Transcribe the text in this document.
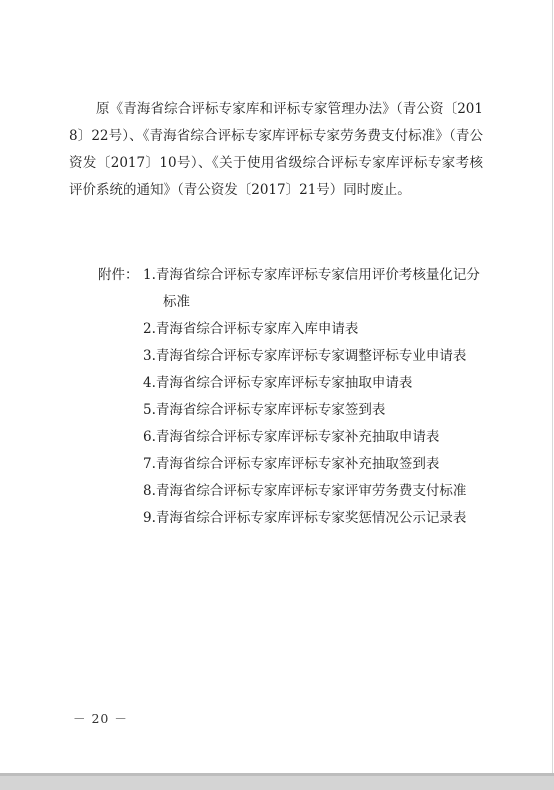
原《青海省综合评标专家库和评标专家管理办法》（青公资〔2018〕22号）、《青海省综合评标专家库评标专家劳务费支付标准》（青公资发〔2017〕10号）、《关于使用省级综合评标专家库评标专家考核评价系统的通知》（青公资发〔2017〕21号）同时废止。

附件： 1.青海省综合评标专家库评标专家信用评价考核量化记分标准
2.青海省综合评标专家库入库申请表
3.青海省综合评标专家库评标专家调整评标专业申请表
4.青海省综合评标专家库评标专家抽取申请表
5.青海省综合评标专家库评标专家签到表
6.青海省综合评标专家库评标专家补充抽取申请表
7.青海省综合评标专家库评标专家补充抽取签到表
8.青海省综合评标专家库评标专家评审劳务费支付标准
9.青海省综合评标专家库评标专家奖惩情况公示记录表
－ 20 －
